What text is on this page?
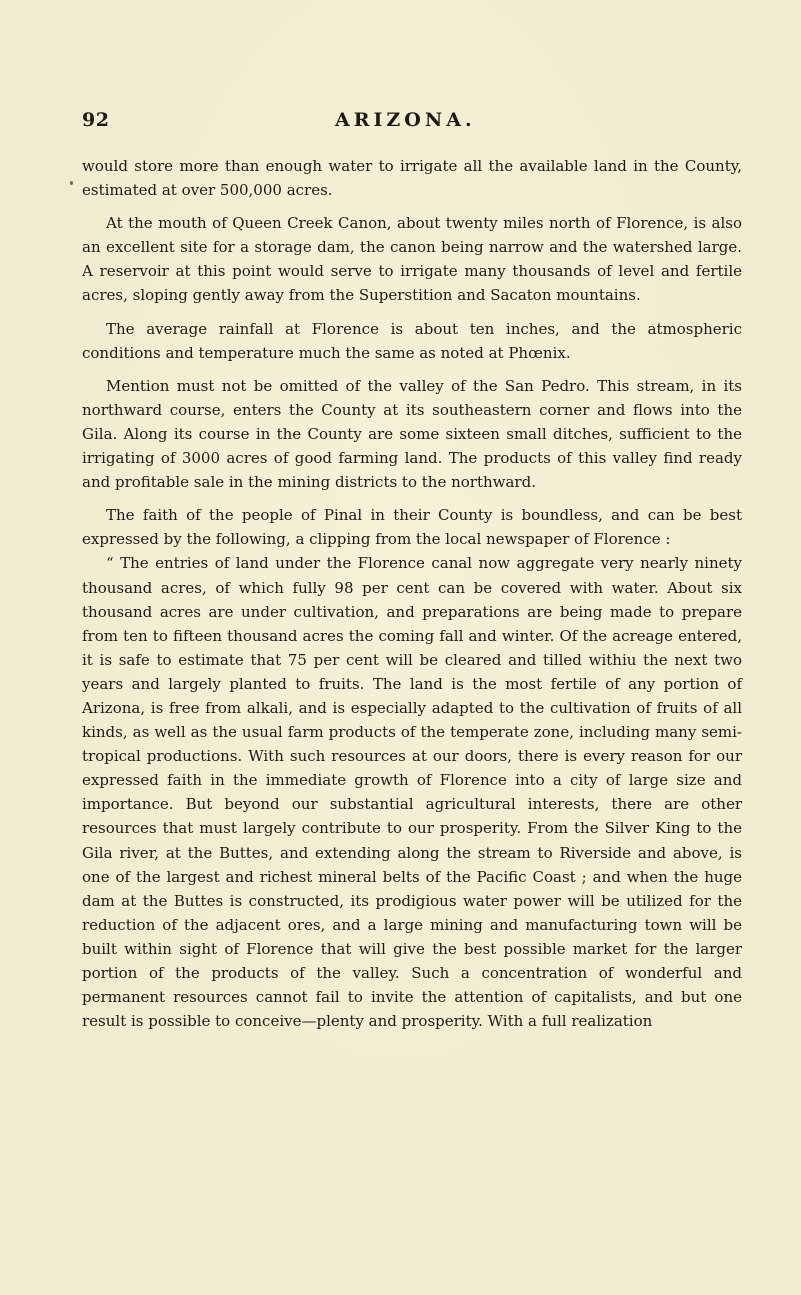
92	ARIZONA.

would store more than enough water to irrigate all the available land in the County, estimated at over 500,000 acres.

At the mouth of Queen Creek Canon, about twenty miles north of Florence, is also an excellent site for a storage dam, the canon being narrow and the watershed large. A reservoir at this point would serve to irrigate many thousands of level and fertile acres, sloping gently away from the Superstition and Sacaton mountains.

The average rainfall at Florence is about ten inches, and the atmospheric conditions and temperature much the same as noted at Phœnix.

Mention must not be omitted of the valley of the San Pedro. This stream, in its northward course, enters the County at its southeastern corner and flows into the Gila. Along its course in the County are some sixteen small ditches, sufficient to the irrigating of 3000 acres of good farming land. The products of this valley find ready and profitable sale in the mining districts to the northward.

The faith of the people of Pinal in their County is boundless, and can be best expressed by the following, a clipping from the local newspaper of Florence :

“ The entries of land under the Florence canal now aggregate very nearly ninety thousand acres, of which fully 98 per cent can be covered with water. About six thousand acres are under cultivation, and preparations are being made to prepare from ten to fifteen thousand acres the coming fall and winter. Of the acreage entered, it is safe to estimate that 75 per cent will be cleared and tilled withiu the next two years and largely planted to fruits. The land is the most fertile of any portion of Arizona, is free from alkali, and is especially adapted to the cultivation of fruits of all kinds, as well as the usual farm products of the temperate zone, including many semi-tropical productions. With such resources at our doors, there is every reason for our expressed faith in the immediate growth of Florence into a city of large size and importance. But beyond our substantial agricultural interests, there are other resources that must largely contribute to our prosperity. From the Silver King to the Gila river, at the Buttes, and extending along the stream to Riverside and above, is one of the largest and richest mineral belts of the Pacific Coast ; and when the huge dam at the Buttes is constructed, its prodigious water power will be utilized for the reduction of the adjacent ores, and a large mining and manufacturing town will be built within sight of Florence that will give the best possible market for the larger portion of the products of the valley. Such a concentration of wonderful and permanent resources cannot fail to invite the attention of capitalists, and but one result is possible to conceive—plenty and prosperity. With a full realization
